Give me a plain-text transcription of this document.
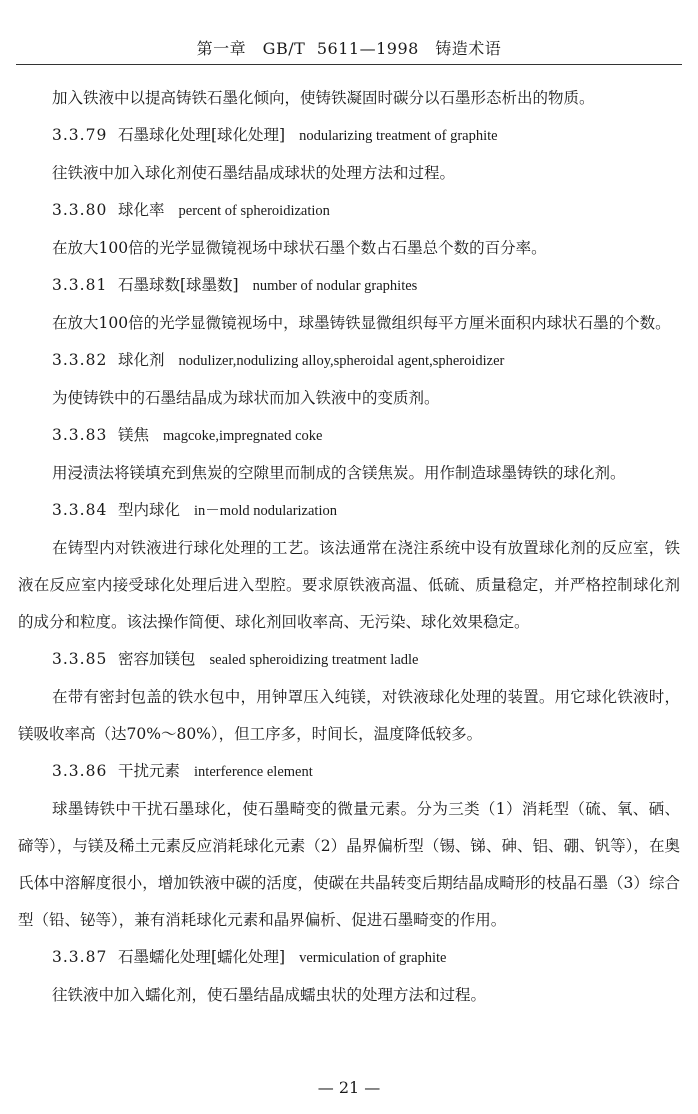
第一章　GB/T 5611—1998　铸造术语

加入铁液中以提高铸铁石墨化倾向，使铸铁凝固时碳分以石墨形态析出的物质。

3.3.79 石墨球化处理[球化处理] nodularizing treatment of graphite

往铁液中加入球化剂使石墨结晶成球状的处理方法和过程。

3.3.80 球化率 percent of spheroidization

在放大100倍的光学显微镜视场中球状石墨个数占石墨总个数的百分率。

3.3.81 石墨球数[球墨数] number of nodular graphites

在放大100倍的光学显微镜视场中，球墨铸铁显微组织每平方厘米面积内球状石墨的个数。

3.3.82 球化剂 nodulizer,nodulizing alloy,spheroidal agent,spheroidizer

为使铸铁中的石墨结晶成为球状而加入铁液中的变质剂。

3.3.83 镁焦 magcoke,impregnated coke

用浸渍法将镁填充到焦炭的空隙里而制成的含镁焦炭。用作制造球墨铸铁的球化剂。

3.3.84 型内球化 in－mold nodularization

在铸型内对铁液进行球化处理的工艺。该法通常在浇注系统中设有放置球化剂的反应室，铁液在反应室内接受球化处理后进入型腔。要求原铁液高温、低硫、质量稳定，并严格控制球化剂的成分和粒度。该法操作简便、球化剂回收率高、无污染、球化效果稳定。

3.3.85 密容加镁包 sealed spheroidizing treatment ladle

在带有密封包盖的铁水包中，用钟罩压入纯镁，对铁液球化处理的装置。用它球化铁液时，镁吸收率高（达70%～80%），但工序多，时间长，温度降低较多。

3.3.86 干扰元素 interference element

球墨铸铁中干扰石墨球化，使石墨畸变的微量元素。分为三类（1）消耗型（硫、氧、硒、碲等），与镁及稀土元素反应消耗球化元素（2）晶界偏析型（锡、锑、砷、铝、硼、钒等），在奥氏体中溶解度很小，增加铁液中碳的活度，使碳在共晶转变后期结晶成畸形的枝晶石墨（3）综合型（铅、铋等），兼有消耗球化元素和晶界偏析、促进石墨畸变的作用。

3.3.87 石墨蠕化处理[蠕化处理] vermiculation of graphite

往铁液中加入蠕化剂，使石墨结晶成蠕虫状的处理方法和过程。

— 21 —
